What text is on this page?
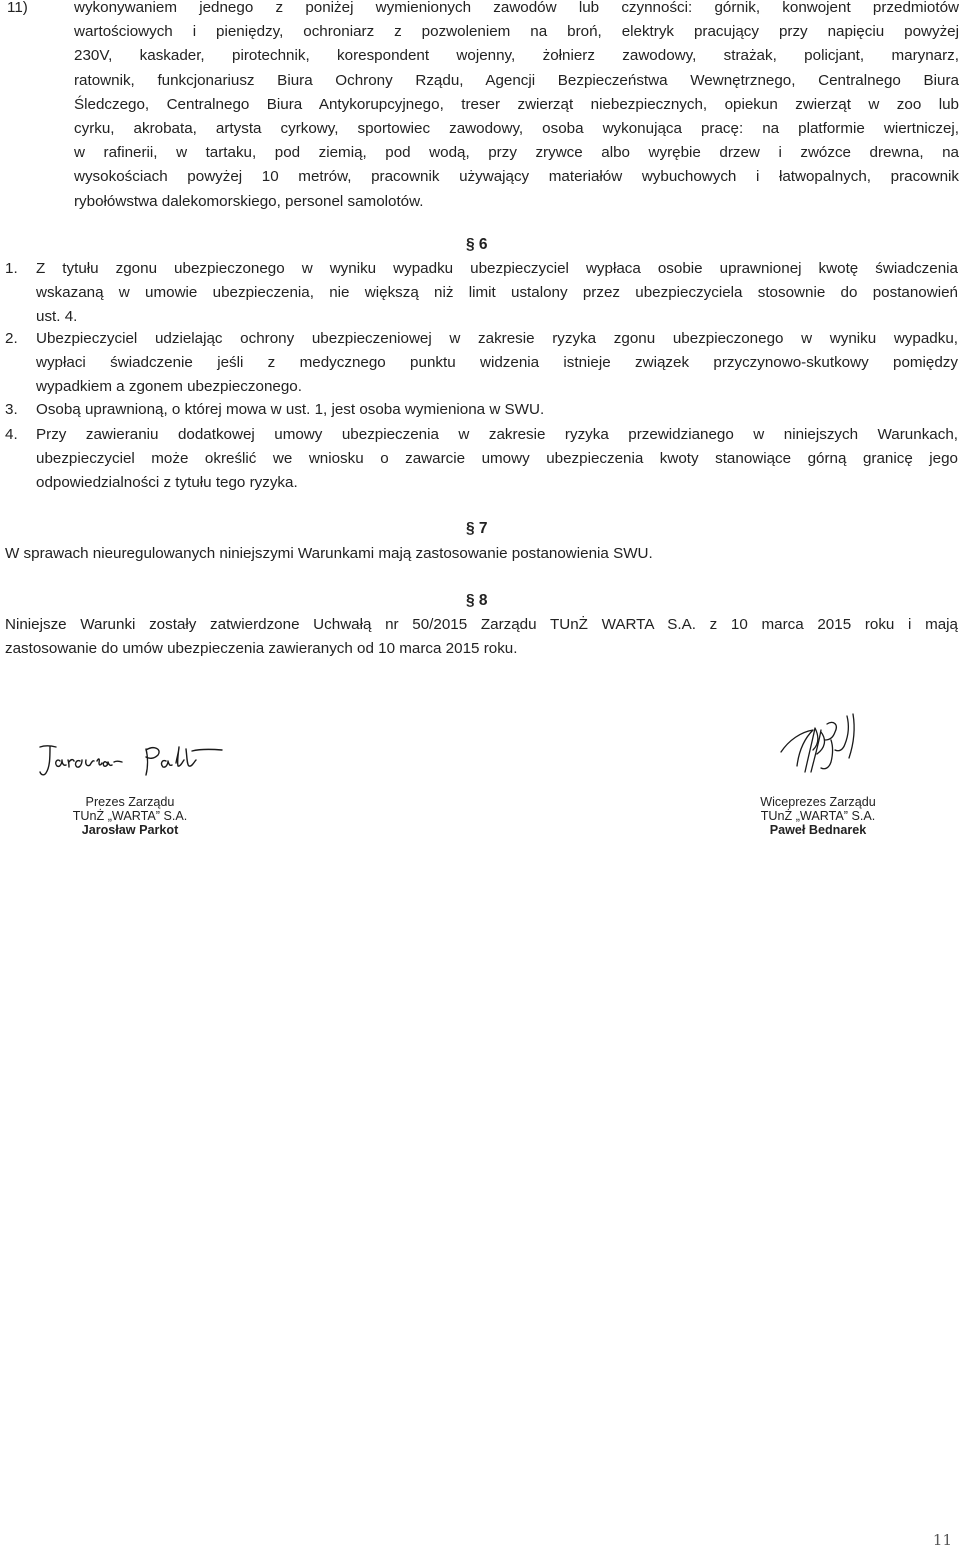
11)	wykonywaniem jednego z poniżej wymienionych zawodów lub czynności: górnik, konwojent przedmiotów
wartościowych i pieniędzy, ochroniarz z pozwoleniem na broń, elektryk pracujący przy napięciu powyżej
230V, kaskader, pirotechnik, korespondent wojenny, żołnierz zawodowy, strażak, policjant, marynarz,
ratownik, funkcjonariusz Biura Ochrony Rządu, Agencji Bezpieczeństwa Wewnętrznego, Centralnego Biura
Śledczego, Centralnego Biura Antykorupcyjnego, treser zwierząt niebezpiecznych, opiekun zwierząt w zoo lub
cyrku, akrobata, artysta cyrkowy, sportowiec zawodowy, osoba wykonująca pracę: na platformie wiertniczej,
w rafinerii, w tartaku, pod ziemią, pod wodą, przy zrywce albo wyrębie drzew i zwózce drewna, na
wysokościach powyżej 10 metrów, pracownik używający materiałów wybuchowych i łatwopalnych, pracownik
rybołówstwa dalekomorskiego, personel samolotów.
§ 6
1. Z tytułu zgonu ubezpieczonego w wyniku wypadku ubezpieczyciel wypłaca osobie uprawnionej kwotę świadczenia
wskazaną w umowie ubezpieczenia, nie większą niż limit ustalony przez ubezpieczyciela stosownie do postanowień
ust. 4.
2. Ubezpieczyciel udzielając ochrony ubezpieczeniowej w zakresie ryzyka zgonu ubezpieczonego w wyniku wypadku,
wypłaci świadczenie jeśli z medycznego punktu widzenia istnieje związek przyczynowo-skutkowy pomiędzy
wypadkiem a zgonem ubezpieczonego.
3. Osobą uprawnioną, o której mowa w ust. 1, jest osoba wymieniona w SWU.
4. Przy zawieraniu dodatkowej umowy ubezpieczenia w zakresie ryzyka przewidzianego w niniejszych Warunkach,
ubezpieczyciel może określić we wniosku o zawarcie umowy ubezpieczenia kwoty stanowiące górną granicę jego
odpowiedzialności z tytułu tego ryzyka.
§ 7
W sprawach nieuregulowanych niniejszymi Warunkami mają zastosowanie postanowienia SWU.
§ 8
Niniejsze Warunki zostały zatwierdzone Uchwałą nr 50/2015 Zarządu TUnŻ WARTA S.A. z 10 marca 2015 roku i mają
zastosowanie do umów ubezpieczenia zawieranych od 10 marca 2015 roku.
Prezes Zarządu
TUnŻ „WARTA” S.A.
Jarosław Parkot
Wiceprezes Zarządu
TUnŻ „WARTA” S.A.
Paweł Bednarek
11
